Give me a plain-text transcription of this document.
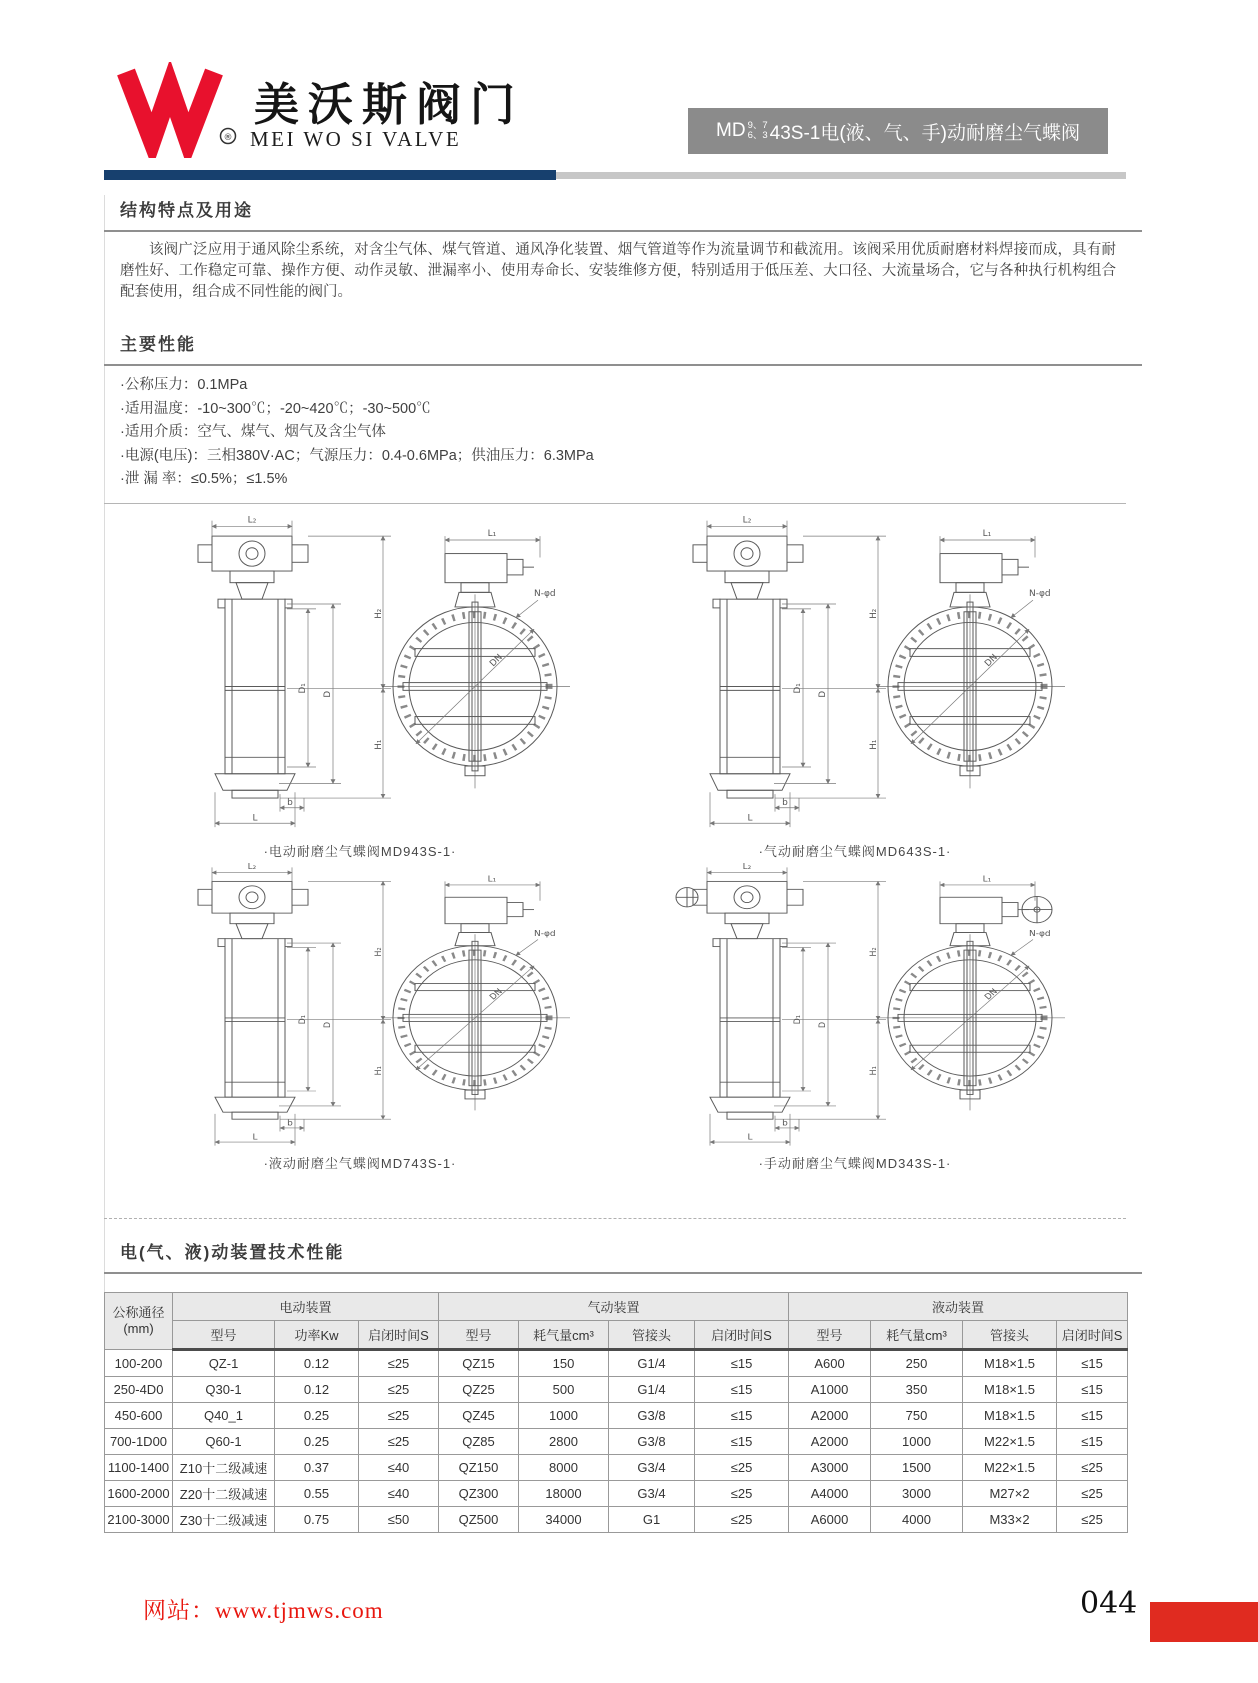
®
美沃斯阀门
MEI WO SI VALVE	MD 9、7
6、3 43S-1电(液、气、手)动耐磨尘气蝶阀
结构特点及用途
该阀广泛应用于通风除尘系统，对含尘气体、煤气管道、通风净化装置、烟气管道等作为流量调节和截流用。该阀采用优质耐磨材料焊接而成，具有耐磨性好、工作稳定可靠、操作方便、动作灵敏、泄漏率小、使用寿命长、安装维修方便，特别适用于低压差、大口径、大流量场合，它与各种执行机构组合配套使用，组合成不同性能的阀门。
主要性能
·公称压力：0.1MPa
·适用温度：-10~300℃；-20~420℃；-30~500℃
·适用介质：空气、煤气、烟气及含尘气体
·电源(电压)：三相380V·AC；气源压力：0.4-0.6MPa；供油压力：6.3MPa
·泄 漏 率：≤0.5%；≤1.5%
·电动耐磨尘气蝶阀MD943S-1·	·气动耐磨尘气蝶阀MD643S-1·
·液动耐磨尘气蝶阀MD743S-1·	·手动耐磨尘气蝶阀MD343S-1·
电(气、液)动装置技术性能
公称通径
(mm)	电动装置			气动装置				液动装置			
	型号	功率Kw	启闭时间S	型号	耗气量cm³	管接头	启闭时间S	型号	耗气量cm³	管接头	启闭时间S
100-200	QZ-1	0.12	≤25	QZ15	150	G1/4	≤15	A600	250	M18×1.5	≤15
250-4D0	Q30-1	0.12	≤25	QZ25	500	G1/4	≤15	A1000	350	M18×1.5	≤15
450-600	Q40_1	0.25	≤25	QZ45	1000	G3/8	≤15	A2000	750	M18×1.5	≤15
700-1D00	Q60-1	0.25	≤25	QZ85	2800	G3/8	≤15	A2000	1000	M22×1.5	≤15
1100-1400	Z10十二级减速	0.37	≤40	QZ150	8000	G3/4	≤25	A3000	1500	M22×1.5	≤25
1600-2000	Z20十二级减速	0.55	≤40	QZ300	18000	G3/4	≤25	A4000	3000	M27×2	≤25
2100-3000	Z30十二级减速	0.75	≤50	QZ500	34000	G1	≤25	A6000	4000	M33×2	≤25
网站：www.tjmws.com	044
